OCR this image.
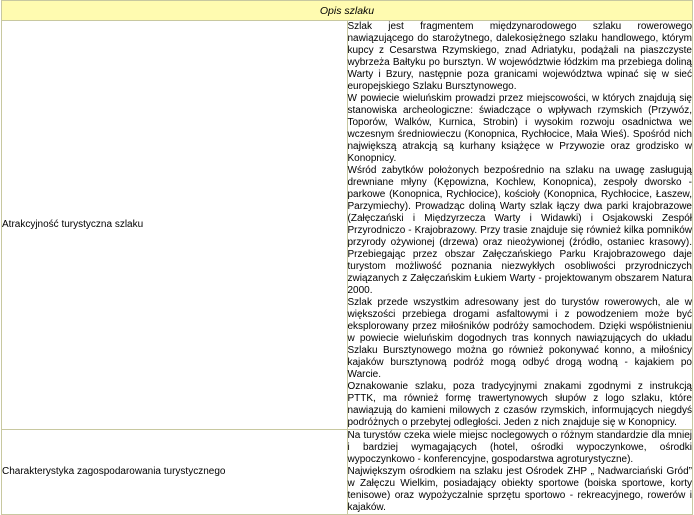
Opis szlaku	
Atrakcyjność turystyczna szlaku	Szlak jest fragmentem międzynarodowego szlaku rowerowego nawiązującego do starożytnego, dalekosiężnego szlaku handlowego, którym kupcy z Cesarstwa Rzymskiego, znad Adriatyku, podążali na piaszczyste wybrzeża Bałtyku po bursztyn. W województwie łódzkim ma przebiega doliną Warty i Bzury, następnie poza granicami województwa wpinać się w sieć europejskiego Szlaku Bursztynowego.

W powiecie wieluńskim prowadzi przez miejscowości, w których znajdują się stanowiska archeologiczne: świadczące o wpływach rzymskich (Przywóz, Toporów, Walków, Kurnica, Strobin) i wysokim rozwoju osadnictwa we wczesnym średniowieczu (Konopnica, Rychłocice, Mała Wieś). Spośród nich największą atrakcją są kurhany książęce w Przywozie oraz grodzisko w Konopnicy.

Wśród zabytków położonych bezpośrednio na szlaku na uwagę zasługują drewniane młyny (Kępowizna, Kochlew, Konopnica), zespoły dworsko - parkowe (Konopnica, Rychłocice), kościoły (Konopnica, Rychłocice, Łaszew, Parzymiechy). Prowadząc doliną Warty szlak łączy dwa parki krajobrazowe (Załęczański i Międzyrzecza Warty i Widawki) i Osjakowski Zespół Przyrodniczo - Krajobrazowy. Przy trasie znajduje się również kilka pomników przyrody ożywionej (drzewa) oraz nieożywionej (źródło, ostaniec krasowy). Przebiegając przez obszar Załęczańskiego Parku Krajobrazowego daje turystom możliwość poznania niezwykłych osobliwości przyrodniczych związanych z Załęczańskim Łukiem Warty - projektowanym obszarem Natura 2000.

Szlak przede wszystkim adresowany jest do turystów rowerowych, ale w większości przebiega drogami asfaltowymi i z powodzeniem może być eksplorowany przez miłośników podróży samochodem. Dzięki współistnieniu w powiecie wieluńskim dogodnych tras konnych nawiązujących do układu Szlaku Bursztynowego można go również pokonywać konno, a miłośnicy kajaków bursztynową podróż mogą odbyć drogą wodną - kajakiem po Warcie.

Oznakowanie szlaku, poza tradycyjnymi znakami zgodnymi z instrukcją PTTK, ma również formę trawertynowych słupów z logo szlaku, które nawiązują do kamieni milowych z czasów rzymskich, informujących niegdyś podróżnych o przebytej odległości. Jeden z nich znajduje się w Konopnicy.

Charakterystyka zagospodarowania turystycznego	Na turystów czeka wiele miejsc noclegowych o różnym standardzie dla mniej i bardziej wymagających (hotel, ośrodki wypoczynkowe, ośrodki wypoczynkowo - konferencyjne, gospodarstwa agroturystyczne).

Największym ośrodkiem na szlaku jest Ośrodek ZHP „ Nadwarciański Gród” w Załęczu Wielkim, posiadający obiekty sportowe (boiska sportowe, korty tenisowe) oraz wypożyczalnie sprzętu sportowo - rekreacyjnego, rowerów i kajaków.
